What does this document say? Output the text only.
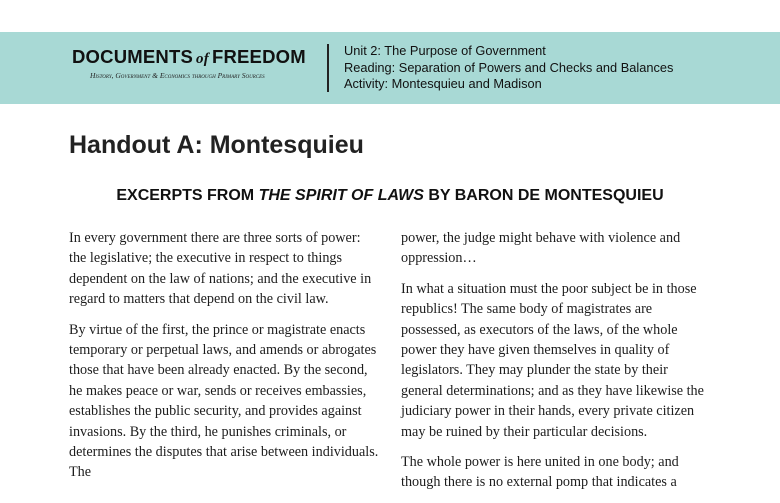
DOCUMENTS of FREEDOM
History, Government & Economics through Primary Sources
Unit 2: The Purpose of Government
Reading: Separation of Powers and Checks and Balances
Activity: Montesquieu and Madison
Handout A: Montesquieu
EXCERPTS FROM THE SPIRIT OF LAWS BY BARON DE MONTESQUIEU

In every government there are three sorts of power: the legislative; the executive in respect to things dependent on the law of nations; and the executive in regard to matters that depend on the civil law.

By virtue of the first, the prince or magistrate enacts temporary or perpetual laws, and amends or abrogates those that have been already enacted. By the second, he makes peace or war, sends or receives embassies, establishes the public security, and provides against invasions. By the third, he punishes criminals, or determines the disputes that arise between individuals. The

power, the judge might behave with violence and oppression…

In what a situation must the poor subject be in those republics! The same body of magistrates are possessed, as executors of the laws, of the whole power they have given themselves in quality of legislators. They may plunder the state by their general determinations; and as they have likewise the judiciary power in their hands, every private citizen may be ruined by their particular decisions.

The whole power is here united in one body; and though there is no external pomp that indicates a
